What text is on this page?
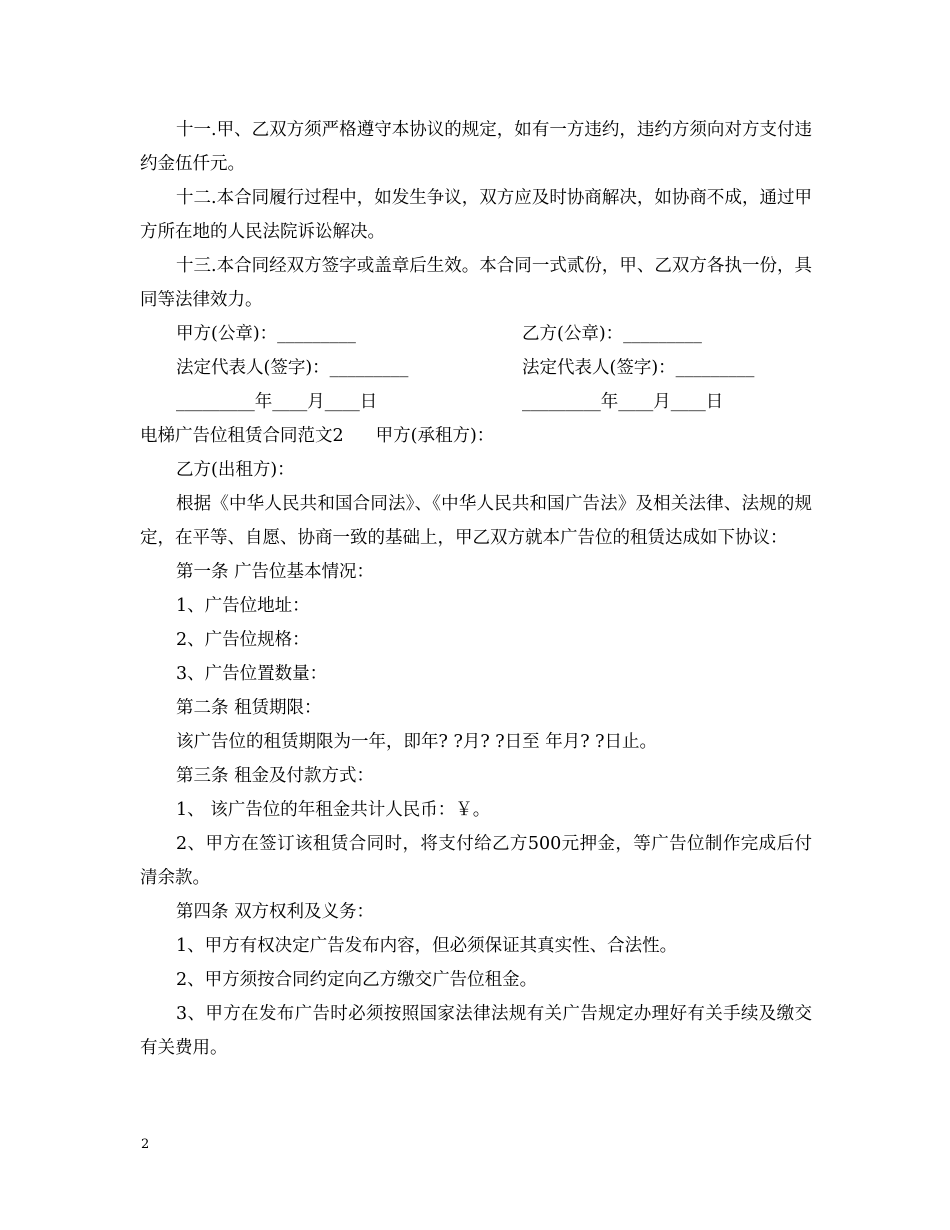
十一.甲、乙双方须严格遵守本协议的规定，如有一方违约，违约方须向对方支付违约金伍仟元。

十二.本合同履行过程中，如发生争议，双方应及时协商解决，如协商不成，通过甲方所在地的人民法院诉讼解决。

十三.本合同经双方签字或盖章后生效。本合同一式贰份，甲、乙双方各执一份，具同等法律效力。

甲方(公章)：_________	乙方(公章)：_________
法定代表人(签字)：_________	法定代表人(签字)：_________
_________年____月____日	_________年____月____日
电梯广告位租赁合同范文2 甲方(承租方)：

乙方(出租方)：

根据《中华人民共和国合同法》、《中华人民共和国广告法》及相关法律、法规的规定，在平等、自愿、协商一致的基础上，甲乙双方就本广告位的租赁达成如下协议：

第一条 广告位基本情况：

1、广告位地址：

2、广告位规格：

3、广告位置数量：

第二条 租赁期限：

该广告位的租赁期限为一年，即年? ?月? ?日至 年月? ?日止。

第三条 租金及付款方式：

1、 该广告位的年租金共计人民币：￥。

2、甲方在签订该租赁合同时，将支付给乙方500元押金，等广告位制作完成后付清余款。

第四条 双方权利及义务：

1、甲方有权决定广告发布内容，但必须保证其真实性、合法性。

2、甲方须按合同约定向乙方缴交广告位租金。

3、甲方在发布广告时必须按照国家法律法规有关广告规定办理好有关手续及缴交有关费用。

2
